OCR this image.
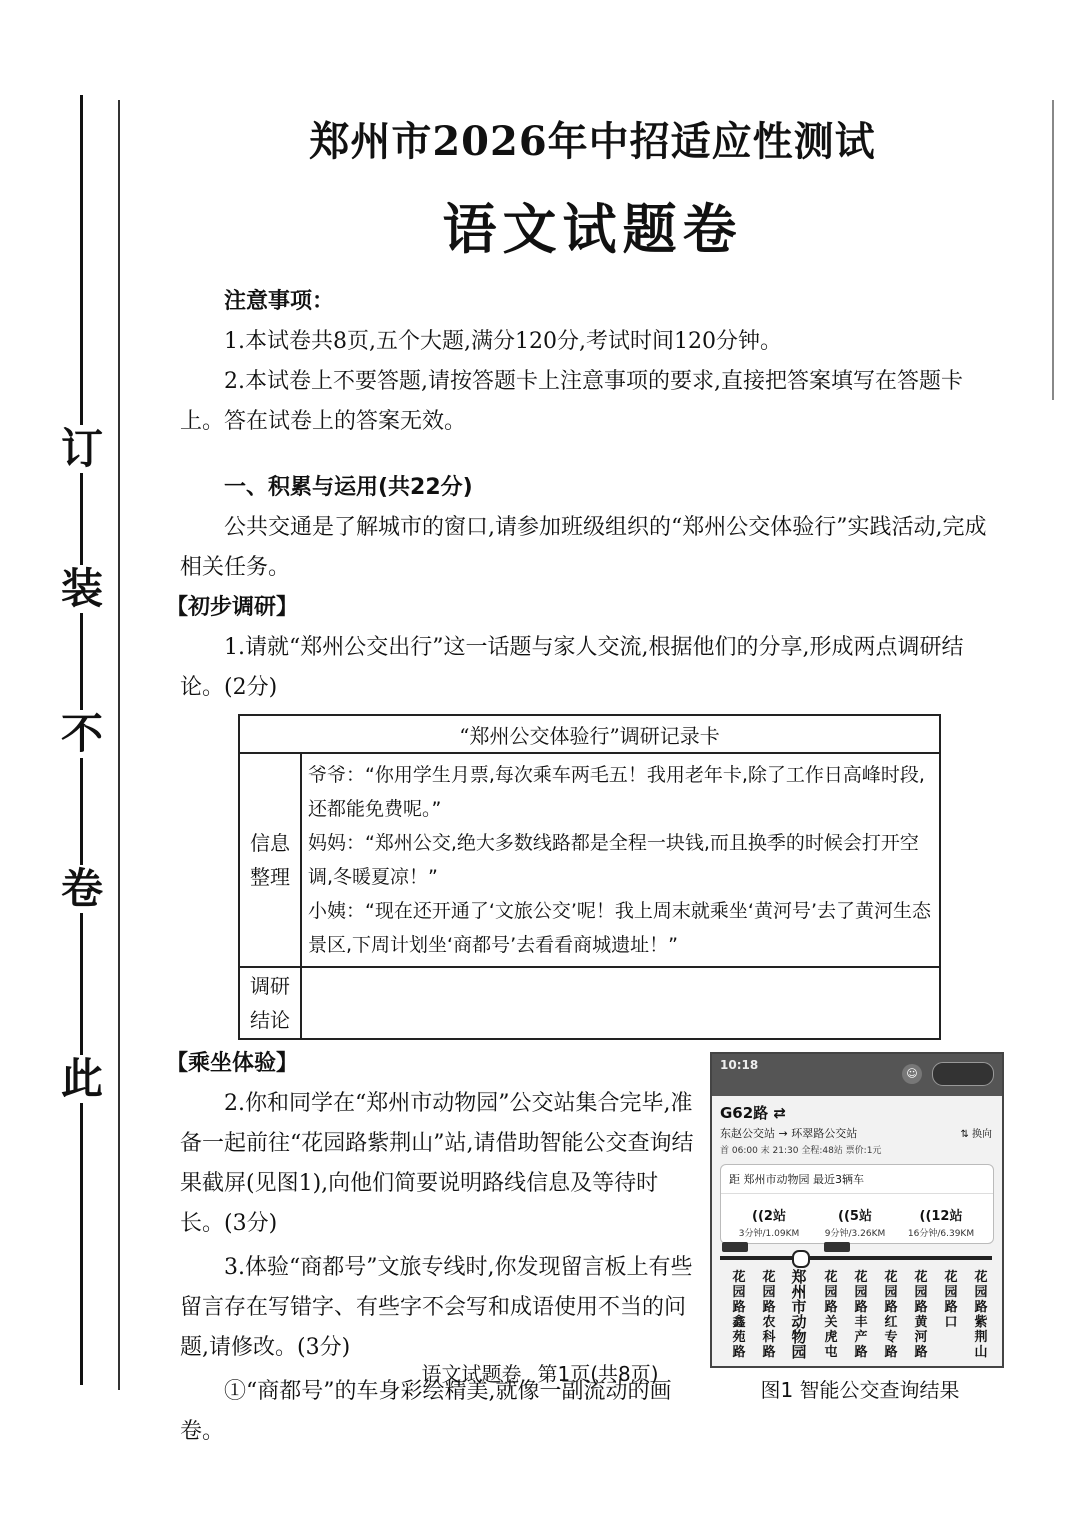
此
卷
不
装
订
郑州市2026年中招适应性测试
语文试题卷
注意事项：
1.本试卷共8页,五个大题,满分120分,考试时间120分钟。
2.本试卷上不要答题,请按答题卡上注意事项的要求,直接把答案填写在答题卡上。答在试卷上的答案无效。
一、积累与运用(共22分)
公共交通是了解城市的窗口,请参加班级组织的“郑州公交体验行”实践活动,完成相关任务。
【初步调研】
1.请就“郑州公交出行”这一话题与家人交流,根据他们的分享,形成两点调研结论。(2分)
“郑州公交体验行”调研记录卡	
信息整理	爷爷：“你用学生月票,每次乘车两毛五！我用老年卡,除了工作日高峰时段,还都能免费呢。”
妈妈：“郑州公交,绝大多数线路都是全程一块钱,而且换季的时候会打开空调,冬暖夏凉！”
小姨：“现在还开通了‘文旅公交’呢！我上周末就乘坐‘黄河号’去了黄河生态景区,下周计划坐‘商都号’去看看商城遗址！”

调研结论	
【乘坐体验】
2.你和同学在“郑州市动物园”公交站集合完毕,准备一起前往“花园路紫荆山”站,请借助智能公交查询结果截屏(见图1),向他们简要说明路线信息及等待时长。(3分)
3.体验“商都号”文旅专线时,你发现留言板上有些留言存在写错字、有些字不会写和成语使用不当的问题,请修改。(3分)
①“商都号”的车身彩绘精美,就像一副流动的画卷。
10:18
☺
G62路 ⇄
东赵公交站 → 环翠路公交站	⇅ 换向
首 06:00 末 21:30 全程:48站 票价:1元
距 郑州市动物园 最近3辆车
((2站
3分钟/1.09KM
((5站
9分钟/3.26KM
((12站
16分钟/6.39KM
花园路鑫苑路
花园路农科路
郑州市动物园
花园路关虎屯
花园路丰产路
花园路红专路
花园路黄河路
花园路口
花园路紫荆山
图1 智能公交查询结果
语文试题卷 第1页(共8页)
